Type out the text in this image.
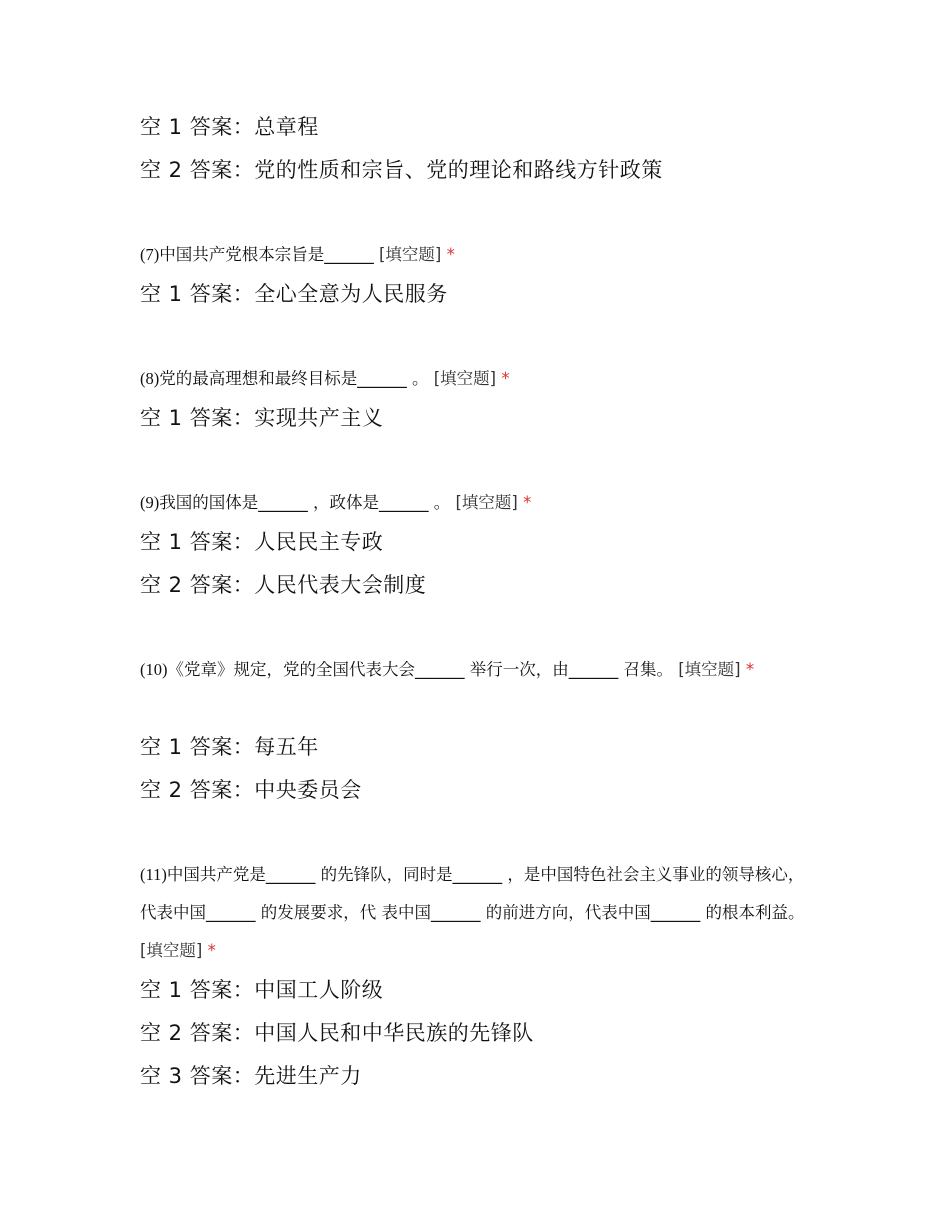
空 1 答案：总章程
空 2 答案：党的性质和宗旨、党的理论和路线方针政策
(7)中国共产党根本宗旨是______ [填空题] *
空 1 答案：全心全意为人民服务
(8)党的最高理想和最终目标是______ 。 [填空题] *
空 1 答案：实现共产主义
(9)我国的国体是______ ，政体是______ 。 [填空题] *
空 1 答案：人民民主专政
空 2 答案：人民代表大会制度
(10)《党章》规定，党的全国代表大会______ 举行一次，由______ 召集。 [填空题] *
空 1 答案：每五年
空 2 答案：中央委员会
(11)中国共产党是______ 的先锋队，同时是______ ，是中国特色社会主义事业的领导核心，代表中国______ 的发展要求，代 表中国______ 的前进方向，代表中国______ 的根本利益。 [填空题] *
空 1 答案：中国工人阶级
空 2 答案：中国人民和中华民族的先锋队
空 3 答案：先进生产力
